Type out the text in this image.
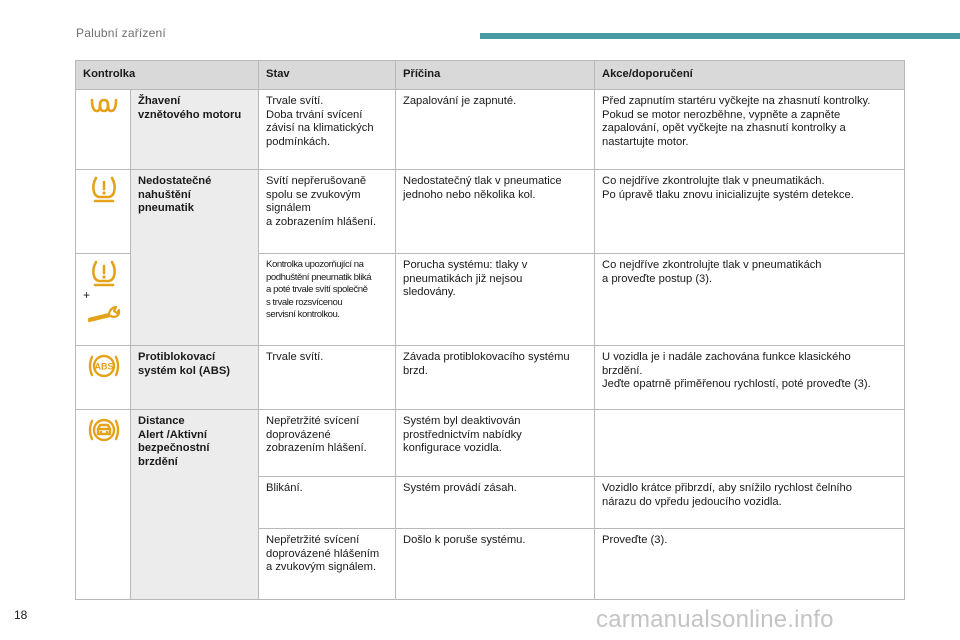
Palubní zařízení
Kontrolka		Stav	Příčina	Akce/doporučení

	Žhavení
vznětového motoru	Trvale svítí.
Doba trvání svícení
závisí na klimatických
podmínkách.	Zapalování je zapnuté.	Před zapnutím startéru vyčkejte na zhasnutí kontrolky.
Pokud se motor nerozběhne, vypněte a zapněte
zapalování, opět vyčkejte na zhasnutí kontrolky a
nastartujte motor.

	Nedostatečné
nahuštění
pneumatik	Svítí nepřerušovaně
spolu se zvukovým
signálem
a zobrazením hlášení.	Nedostatečný tlak v pneumatice
jednoho nebo několika kol.	Co nejdříve zkontrolujte tlak v pneumatikách.
Po úpravě tlaku znovu inicializujte systém detekce.

+		Kontrolka upozorňující na
podhuštění pneumatik bliká
a poté trvale svítí společně
s trvale rozsvícenou
servisní kontrolkou.	Porucha systému: tlaky v
pneumatikách již nejsou
sledovány.	Co nejdříve zkontrolujte tlak v pneumatikách
a proveďte postup (3).

ABS	Protiblokovací
systém kol (ABS)	Trvale svítí.	Závada protiblokovacího systému
brzd.	U vozidla je i nadále zachována funkce klasického
brzdění.
Jeďte opatrně přiměřenou rychlostí, poté proveďte (3).

	Distance
Alert /Aktivní
bezpečnostní
brzdění	Nepřetržité svícení
doprovázené
zobrazením hlášení.	Systém byl deaktivován
prostřednictvím nabídky
konfigurace vozidla.	
		Blikání.	Systém provádí zásah.	Vozidlo krátce přibrzdí, aby snížilo rychlost čelního
nárazu do vpředu jedoucího vozidla.
		Nepřetržité svícení
doprovázené hlášením
a zvukovým signálem.	Došlo k poruše systému.	Proveďte (3).
18	carmanualsonline.info
